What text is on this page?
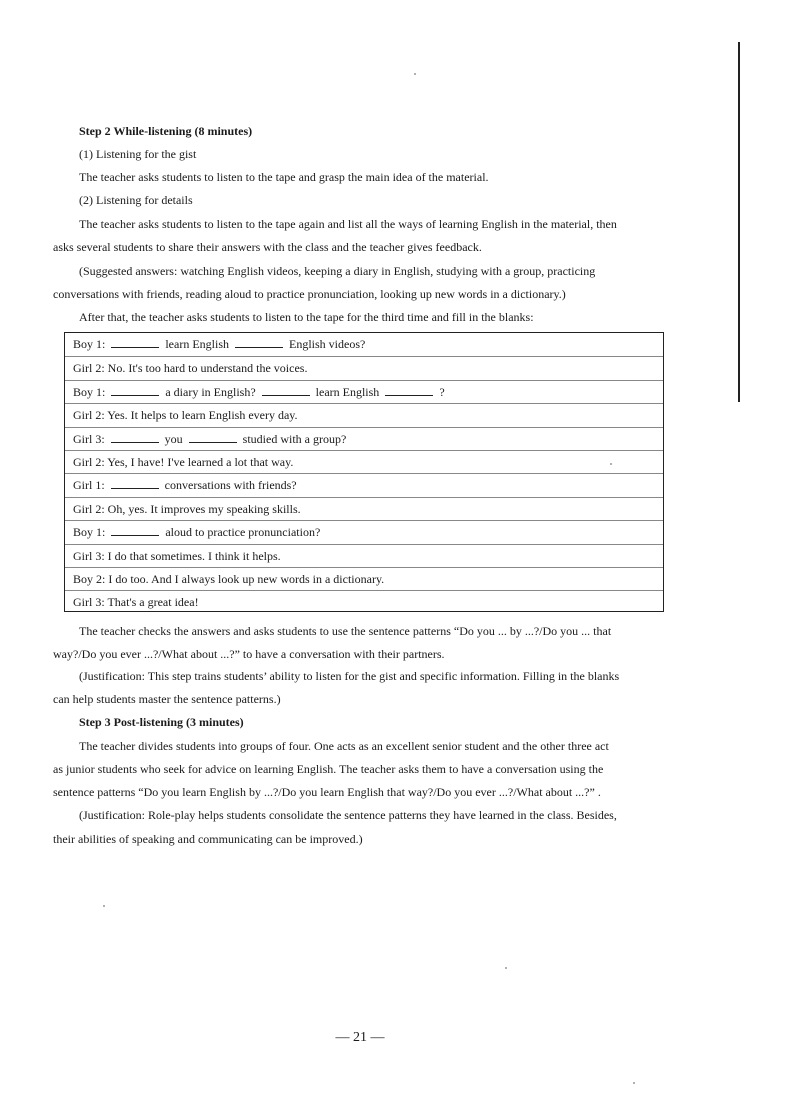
Step 2 While-listening (8 minutes)
(1) Listening for the gist
The teacher asks students to listen to the tape and grasp the main idea of the material.
(2) Listening for details
The teacher asks students to listen to the tape again and list all the ways of learning English in the material, then
asks several students to share their answers with the class and the teacher gives feedback.
(Suggested answers: watching English videos, keeping a diary in English, studying with a group, practicing
conversations with friends, reading aloud to practice pronunciation, looking up new words in a dictionary.)
After that, the teacher asks students to listen to the tape for the third time and fill in the blanks:
Boy 1:	learn English	English videos?
Girl 2: No. It's too hard to understand the voices.
Boy 1:	a diary in English?	learn English	?
Girl 2: Yes. It helps to learn English every day.
Girl 3:	you	studied with a group?
Girl 2: Yes, I have! I've learned a lot that way.
Girl 1:	conversations with friends?
Girl 2: Oh, yes. It improves my speaking skills.
Boy 1:	aloud to practice pronunciation?
Girl 3: I do that sometimes. I think it helps.
Boy 2: I do too. And I always look up new words in a dictionary.
Girl 3: That's a great idea!
The teacher checks the answers and asks students to use the sentence patterns “Do you ... by ...?/Do you ... that
way?/Do you ever ...?/What about ...?” to have a conversation with their partners.
(Justification: This step trains students’ ability to listen for the gist and specific information. Filling in the blanks
can help students master the sentence patterns.)
Step 3 Post-listening (3 minutes)
The teacher divides students into groups of four. One acts as an excellent senior student and the other three act
as junior students who seek for advice on learning English. The teacher asks them to have a conversation using the
sentence patterns “Do you learn English by ...?/Do you learn English that way?/Do you ever ...?/What about ...?” .
(Justification: Role-play helps students consolidate the sentence patterns they have learned in the class. Besides,
their abilities of speaking and communicating can be improved.)
— 21 —
